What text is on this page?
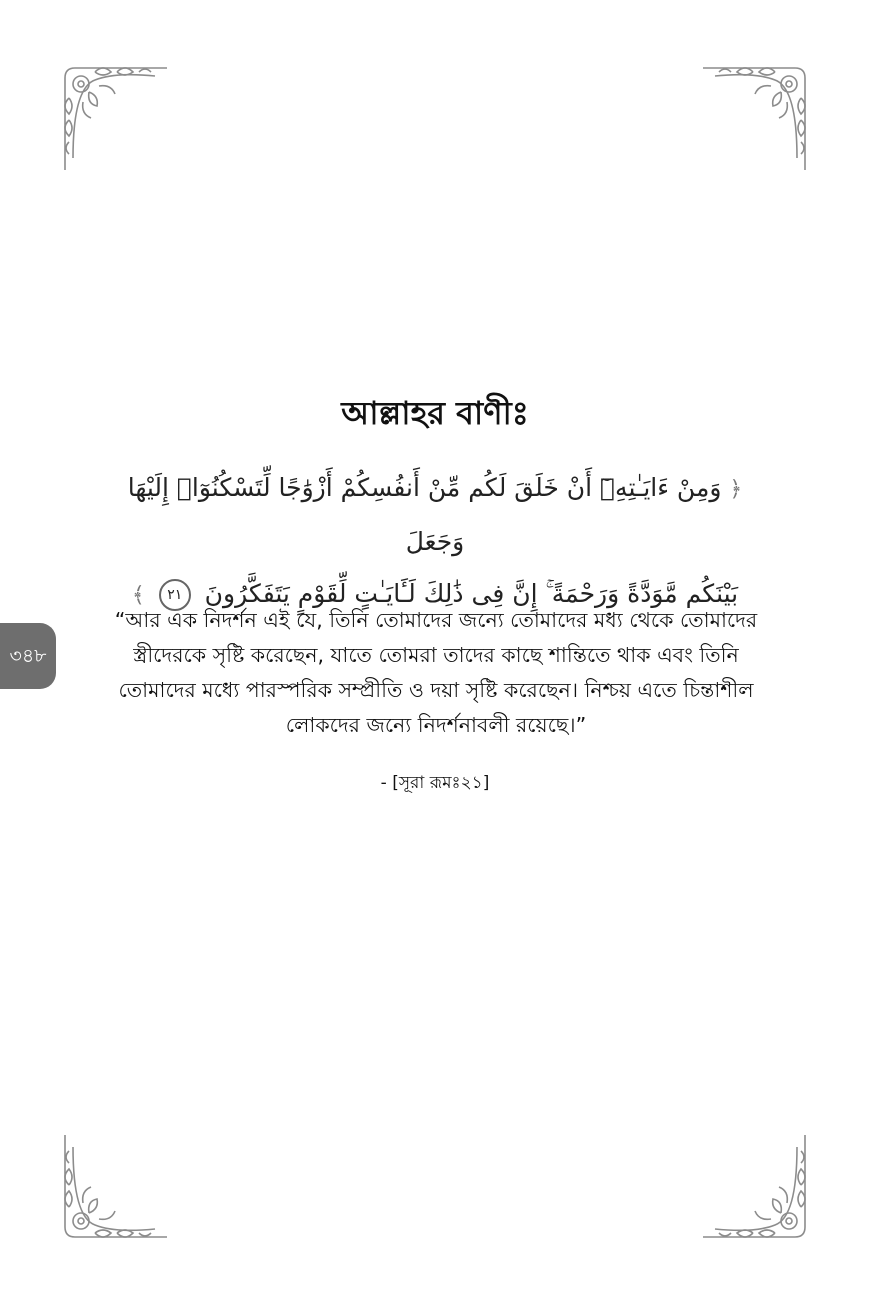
আল্লাহর বাণীঃ
﴿ وَمِنْ ءَايَـٰتِهِۦٓ أَنْ خَلَقَ لَكُم مِّنْ أَنفُسِكُمْ أَزْوَٰجًا لِّتَسْكُنُوٓا۟ إِلَيْهَا وَجَعَلَ
بَيْنَكُم مَّوَدَّةً وَرَحْمَةً ۚ إِنَّ فِى ذَٰلِكَ لَـَٔايَـٰتٍ لِّقَوْمٍ يَتَفَكَّرُونَ ٢١ ﴾
“আর এক নিদর্শন এই যে, তিনি তোমাদের জন্যে তোমাদের মধ্য থেকে তোমাদের স্ত্রীদেরকে সৃষ্টি করেছেন, যাতে তোমরা তাদের কাছে শান্তিতে থাক এবং তিনি তোমাদের মধ্যে পারস্পরিক সম্প্রীতি ও দয়া সৃষ্টি করেছেন। নিশ্চয় এতে চিন্তাশীল লোকদের জন্যে নিদর্শনাবলী রয়েছে।”
- [সূরা রূমঃ২১]
৩৪৮
